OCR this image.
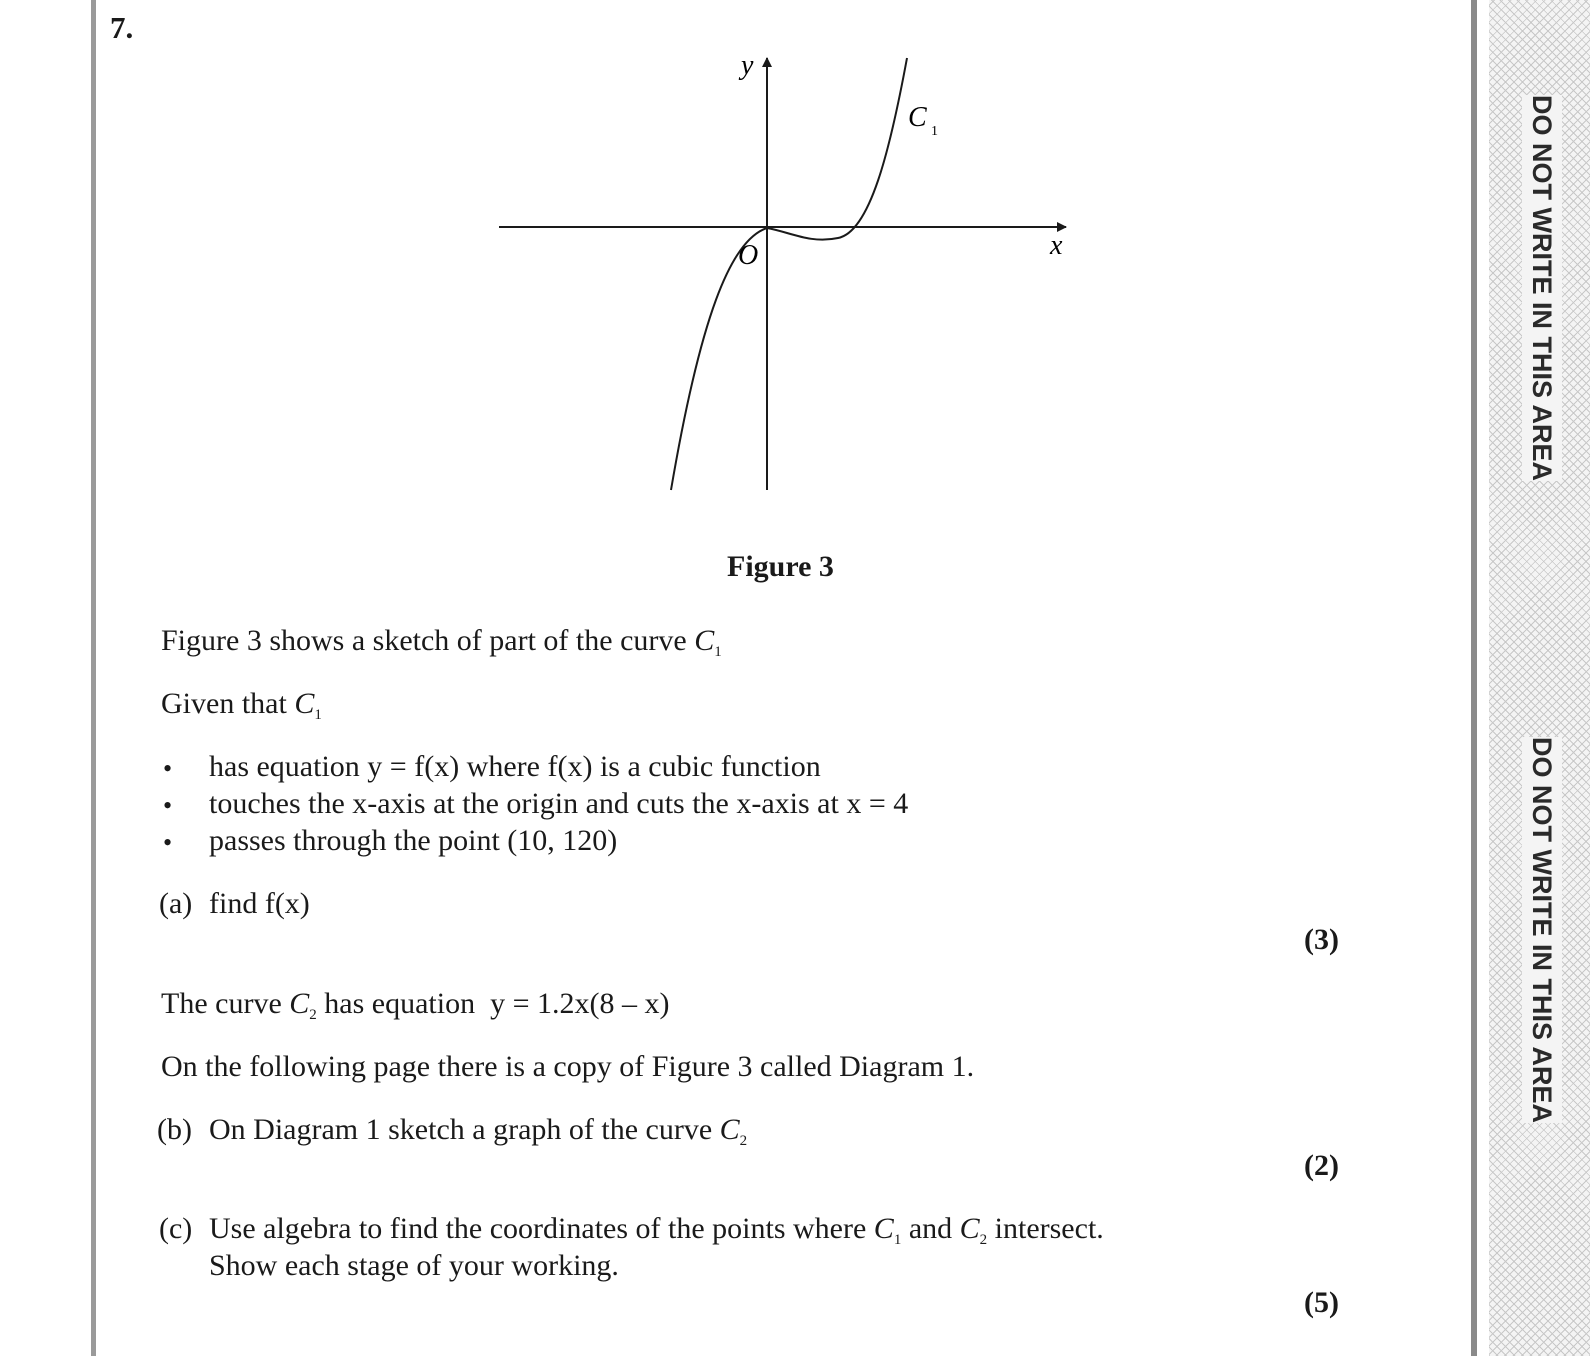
DO NOT WRITE IN THIS AREA
DO NOT WRITE IN THIS AREA
7.
y
x
O
C 1
Figure 3
Figure 3 shows a sketch of part of the curve $C_1$
Given that $C_1$
• has equation y = f(x) where f(x) is a cubic function
• touches the x-axis at the origin and cuts the x-axis at x = 4
• passes through the point (10, 120)
(a) find f(x)
(3)
The curve $C_2$ has equation y = 1.2x(8 – x)
On the following page there is a copy of Figure 3 called Diagram 1.
(b) On Diagram 1 sketch a graph of the curve $C_2$
(2)
(c) Use algebra to find the coordinates of the points where $C_1$ and $C_2$ intersect.
Show each stage of your working.
(5)
